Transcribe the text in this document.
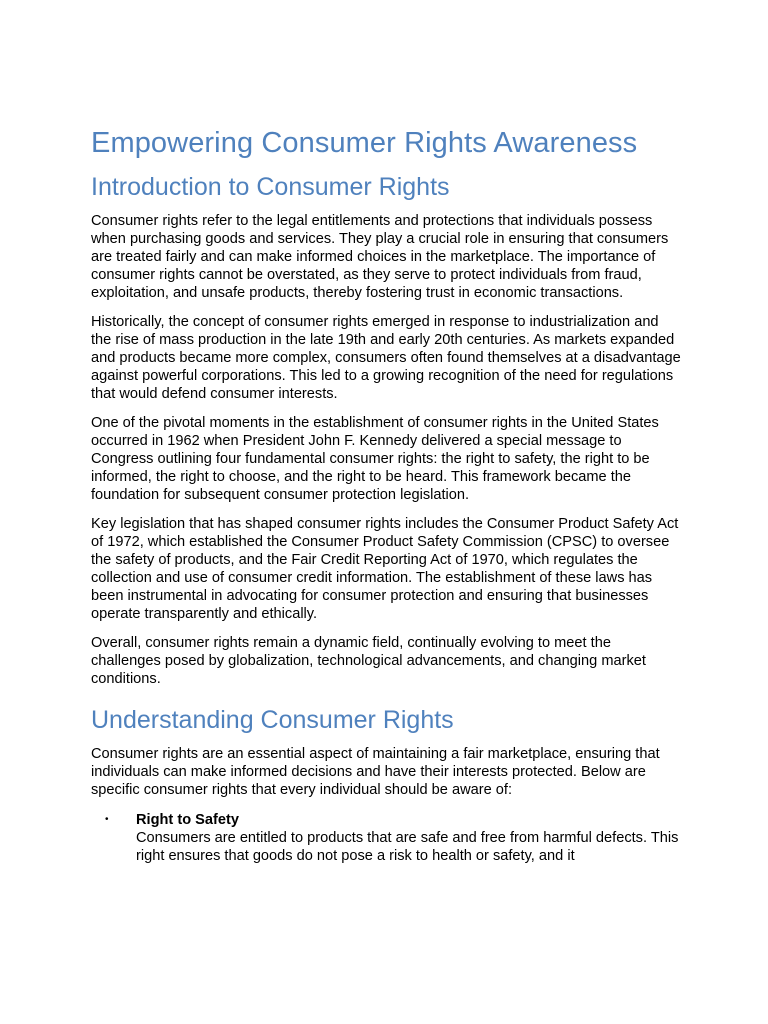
Empowering Consumer Rights Awareness
Introduction to Consumer Rights

Consumer rights refer to the legal entitlements and protections that individuals possess when purchasing goods and services. They play a crucial role in ensuring that consumers are treated fairly and can make informed choices in the marketplace. The importance of consumer rights cannot be overstated, as they serve to protect individuals from fraud, exploitation, and unsafe products, thereby fostering trust in economic transactions.

Historically, the concept of consumer rights emerged in response to industrialization and the rise of mass production in the late 19th and early 20th centuries. As markets expanded and products became more complex, consumers often found themselves at a disadvantage against powerful corporations. This led to a growing recognition of the need for regulations that would defend consumer interests.

One of the pivotal moments in the establishment of consumer rights in the United States occurred in 1962 when President John F. Kennedy delivered a special message to Congress outlining four fundamental consumer rights: the right to safety, the right to be informed, the right to choose, and the right to be heard. This framework became the foundation for subsequent consumer protection legislation.

Key legislation that has shaped consumer rights includes the Consumer Product Safety Act of 1972, which established the Consumer Product Safety Commission (CPSC) to oversee the safety of products, and the Fair Credit Reporting Act of 1970, which regulates the collection and use of consumer credit information. The establishment of these laws has been instrumental in advocating for consumer protection and ensuring that businesses operate transparently and ethically.

Overall, consumer rights remain a dynamic field, continually evolving to meet the challenges posed by globalization, technological advancements, and changing market conditions.

Understanding Consumer Rights

Consumer rights are an essential aspect of maintaining a fair marketplace, ensuring that individuals can make informed decisions and have their interests protected. Below are specific consumer rights that every individual should be aware of:

• Right to Safety
Consumers are entitled to products that are safe and free from harmful defects. This right ensures that goods do not pose a risk to health or safety, and it
